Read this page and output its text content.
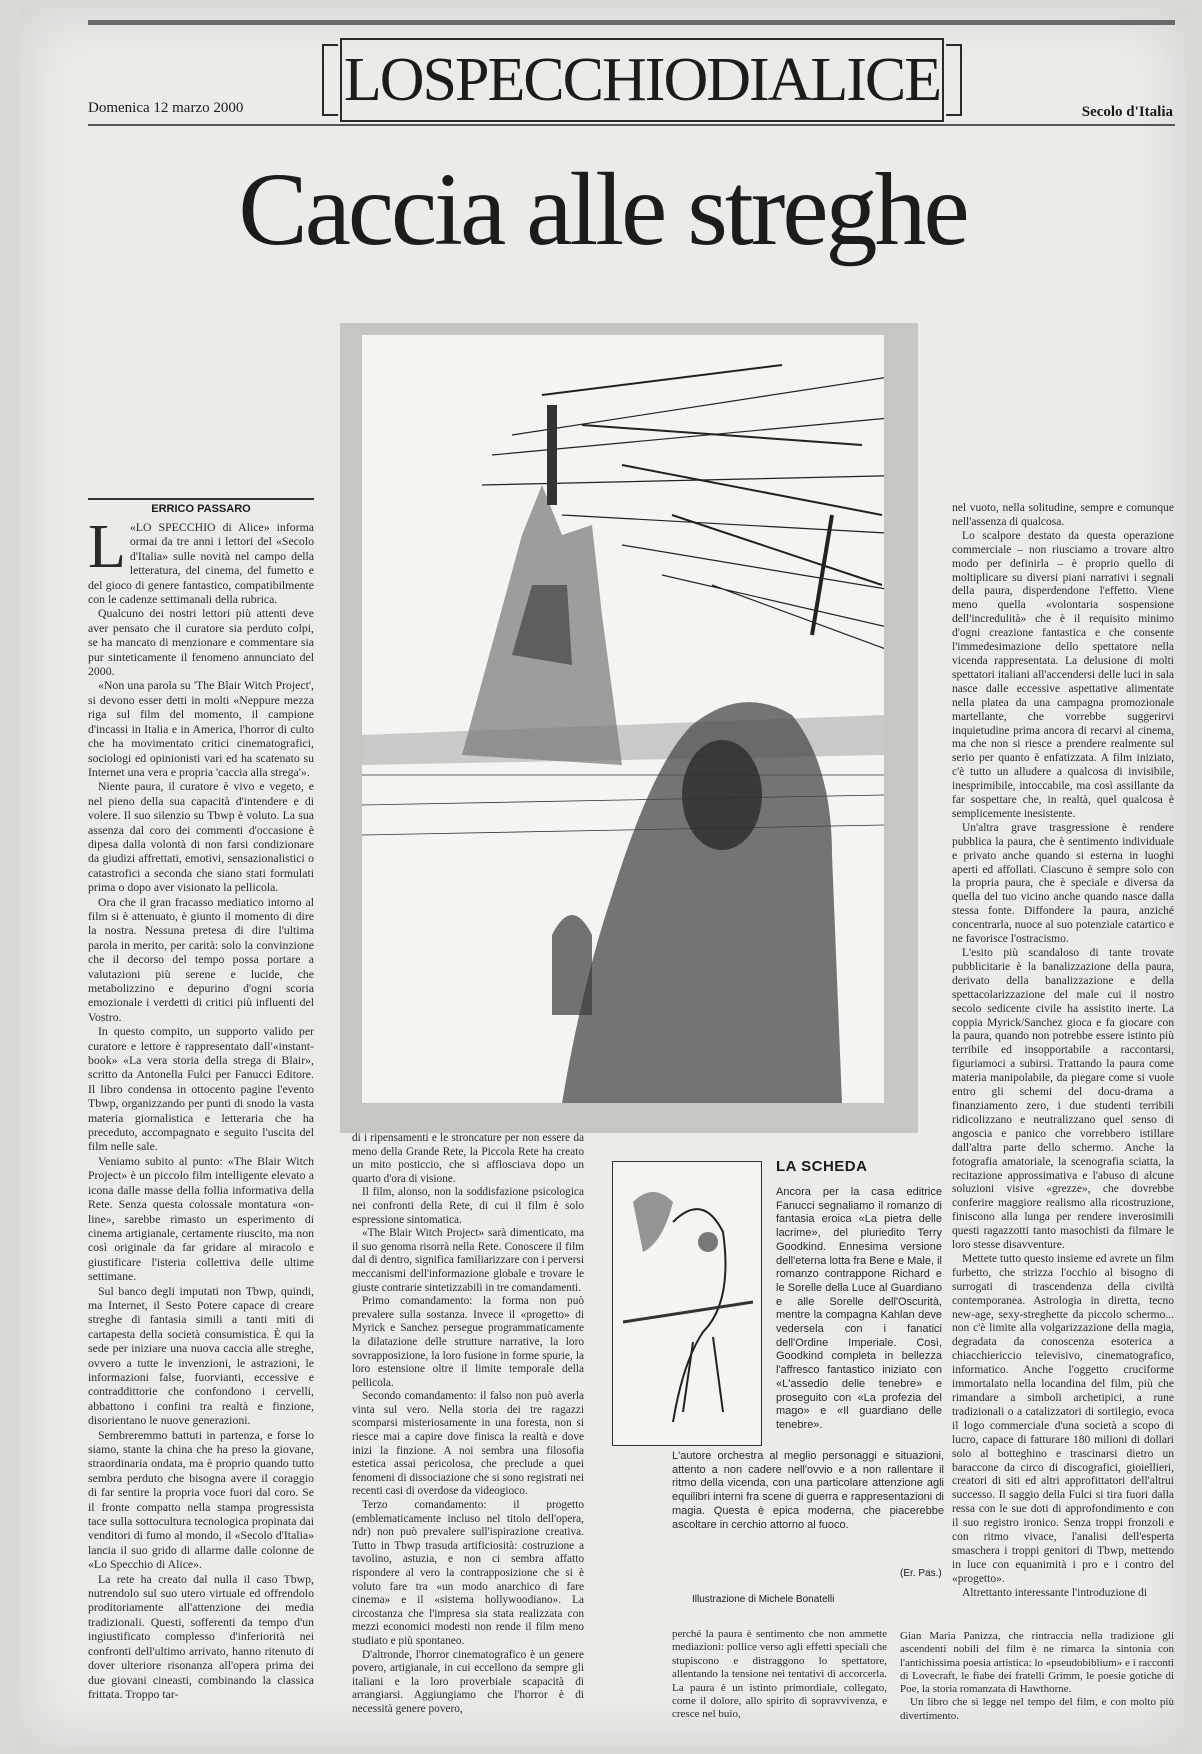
Domenica 12 marzo 2000 LOSPECCHIODIALICE	Secolo d'Italia
Caccia alle streghe
ERRICO PASSARO
L «LO SPECCHIO di Alice» informa ormai da tre anni i lettori del «Secolo d'Italia» sulle novità nel campo della letteratura, del cinema, del fumetto e del gioco di genere fantastico, compatibilmente con le cadenze settimanali della rubrica.

Qualcuno dei nostri lettori più attenti deve aver pensato che il curatore sia perduto colpi, se ha mancato di menzionare e commentare sia pur sinteticamente il fenomeno annunciato del 2000.

«Non una parola su 'The Blair Witch Project', si devono esser detti in molti «Neppure mezza riga sul film del momento, il campione d'incassi in Italia e in America, l'horror di culto che ha movimentato critici cinematografici, sociologi ed opinionisti vari ed ha scatenato su Internet una vera e propria 'caccia alla strega'».

Niente paura, il curatore è vivo e vegeto, e nel pieno della sua capacità d'intendere e di volere. Il suo silenzio su Tbwp è voluto. La sua assenza dal coro dei commenti d'occasione è dipesa dalla volontà di non farsi condizionare da giudizi affrettati, emotivi, sensazionalistici o catastrofici a seconda che siano stati formulati prima o dopo aver visionato la pellicola.

Ora che il gran fracasso mediatico intorno al film si è attenuato, è giunto il momento di dire la nostra. Nessuna pretesa di dire l'ultima parola in merito, per carità: solo la convinzione che il decorso del tempo possa portare a valutazioni più serene e lucide, che metabolizzino e depurino d'ogni scoria emozionale i verdetti di critici più influenti del Vostro.

In questo compito, un supporto valido per curatore e lettore è rappresentato dall'«instant-book» «La vera storia della strega di Blair», scritto da Antonella Fulci per Fanucci Editore. Il libro condensa in ottocento pagine l'evento Tbwp, organizzando per punti di snodo la vasta materia giornalistica e letteraria che ha preceduto, accompagnato e seguito l'uscita del film nelle sale.

Veniamo subito al punto: «The Blair Witch Project» è un piccolo film intelligente elevato a icona dalle masse della follia informativa della Rete. Senza questa colossale montatura «on-line», sarebbe rimasto un esperimento di cinema artigianale, certamente riuscito, ma non così originale da far gridare al miracolo e giustificare l'isteria collettiva delle ultime settimane.

Sul banco degli imputati non Tbwp, quindi, ma Internet, il Sesto Potere capace di creare streghe di fantasia simili a tanti miti di cartapesta della società consumistica. È qui la sede per iniziare una nuova caccia alle streghe, ovvero a tutte le invenzioni, le astrazioni, le informazioni false, fuorvianti, eccessive e contraddittorie che confondono i cervelli, abbattono i confini tra realtà e finzione, disorientano le nuove generazioni.

Sembreremmo battuti in partenza, e forse lo siamo, stante la china che ha preso la giovane, straordinaria ondata, ma è proprio quando tutto sembra perduto che bisogna avere il coraggio di far sentire la propria voce fuori dal coro. Se il fronte compatto nella stampa progressista tace sulla sottocultura tecnologica propinata dai venditori di fumo al mondo, il «Secolo d'Italia» lancia il suo grido di allarme dalle colonne de «Lo Specchio di Alice».

La rete ha creato dal nulla il caso Tbwp, nutrendolo sul suo utero virtuale ed offrendolo proditoriamente all'attenzione dei media tradizionali. Questi, sofferenti da tempo d'un ingiustificato complesso d'inferiorità nei confronti dell'ultimo arrivato, hanno ritenuto di dover ulteriore risonanza all'opera prima dei due giovani cineasti, combinando la classica frittata. Troppo tar-

di i ripensamenti e le stroncature per non essere da meno della Grande Rete, la Piccola Rete ha creato un mito posticcio, che si afflosciava dopo un quarto d'ora di visione.

Il film, alonso, non la soddisfazione psicologica nei confronti della Rete, di cui il film è solo espressione sintomatica.

«The Blair Witch Project» sarà dimenticato, ma il suo genoma risorrà nella Rete. Conoscere il film dal di dentro, significa familiarizzare con i perversi meccanismi dell'informazione globale e trovare le giuste contrarie sintetizzabili in tre comandamenti.

Primo comandamento: la forma non può prevalere sulla sostanza. Invece il «progetto» di Myrick e Sanchez persegue programmaticamente la dilatazione delle strutture narrative, la loro sovrapposizione, la loro fusione in forme spurie, la loro estensione oltre il limite temporale della pellicola.

Secondo comandamento: il falso non può averla vinta sul vero. Nella storia dei tre ragazzi scomparsi misteriosamente in una foresta, non si riesce mai a capire dove finisca la realtà e dove inizi la finzione. A noi sembra una filosofia estetica assai pericolosa, che preclude a quei fenomeni di dissociazione che si sono registrati nei recenti casi di overdose da videogioco.

Terzo comandamento: il progetto (emblematicamente incluso nel titolo dell'opera, ndr) non può prevalere sull'ispirazione creativa. Tutto in Tbwp trasuda artificiosità: costruzione a tavolino, astuzia, e non ci sembra affatto rispondere al vero la contrapposizione che si è voluto fare tra «un modo anarchico di fare cinema» e il «sistema hollywoodiano». La circostanza che l'impresa sia stata realizzata con mezzi economici modesti non rende il film meno studiato e più spontaneo.

D'altronde, l'horror cinematografico è un genere povero, artigianale, in cui eccellono da sempre gli italiani e la loro proverbiale scapacità di arrangiarsi. Aggiungiamo che l'horror è di necessità genere povero,

perché la paura è sentimento che non ammette mediazioni: pollice verso agli effetti speciali che stupiscono e distraggono lo spettatore, allentando la tensione nei tentativi di accorcerla. La paura è un istinto primordiale, collegato, come il dolore, allo spirito di sopravvivenza, e cresce nel buio,

LA SCHEDA

Ancora per la casa editrice Fanucci segnaliamo il romanzo di fantasia eroica «La pietra delle lacrime», del pluriedito Terry Goodkind. Ennesima versione dell'eterna lotta fra Bene e Male, il romanzo contrappone Richard e le Sorelle della Luce al Guardiano e alle Sorelle dell'Oscurità, mentre la compagna Kahlan deve vedersela con i fanatici dell'Ordine Imperiale. Così, Goodkind completa in bellezza l'affresco fantastico iniziato con «L'assedio delle tenebre» e proseguito con «La profezia del mago» e «Il guardiano delle tenebre».

L'autore orchestra al meglio personaggi e situazioni, attento a non cadere nell'ovvio e a non rallentare il ritmo della vicenda, con una particolare attenzione agli equilibri interni fra scene di guerra e rappresentazioni di magia. Questa è epica moderna, che piacerebbe ascoltare in cerchio attorno al fuoco.

(Er. Pas.)
Illustrazione di Michele Bonatelli

nel vuoto, nella solitudine, sempre e comunque nell'assenza di qualcosa.

Lo scalpore destato da questa operazione commerciale – non riusciamo a trovare altro modo per definirla – è proprio quello di moltiplicare su diversi piani narrativi i segnali della paura, disperdendone l'effetto. Viene meno quella «volontaria sospensione dell'incredulità» che è il requisito minimo d'ogni creazione fantastica e che consente l'immedesimazione dello spettatore nella vicenda rappresentata. La delusione di molti spettatori italiani all'accendersi delle luci in sala nasce dalle eccessive aspettative alimentate nella platea da una campagna promozionale martellante, che vorrebbe suggerirvi inquietudine prima ancora di recarvi al cinema, ma che non si riesce a prendere realmente sul serio per quanto è enfatizzata. A film iniziato, c'è tutto un alludere a qualcosa di invisibile, inesprimibile, intoccabile, ma così assillante da far sospettare che, in realtà, quel qualcosa è semplicemente inesistente.

Un'altra grave trasgressione è rendere pubblica la paura, che è sentimento individuale e privato anche quando si esterna in luoghi aperti ed affollati. Ciascuno è sempre solo con la propria paura, che è speciale e diversa da quella del tuo vicino anche quando nasce dalla stessa fonte. Diffondere la paura, anziché concentrarla, nuoce al suo potenziale catartico e ne favorisce l'ostracismo.

L'esito più scandaloso di tante trovate pubblicitarie è la banalizzazione della paura, derivato della banalizzazione e della spettacolarizzazione del male cui il nostro secolo sedicente civile ha assistito inerte. La coppia Myrick/Sanchez gioca e fa giocare con la paura, quando non potrebbe essere istinto più terribile ed insopportabile a raccontarsi, figuriamoci a subirsi. Trattando la paura come materia manipolabile, da piegare come si vuole entro gli schemi del docu-drama a finanziamento zero, i due studenti terribili ridicolizzano e neutralizzano quel senso di angoscia e panico che vorrebbero istillare dall'altra parte dello schermo. Anche la fotografia amatoriale, la scenografia sciatta, la recitazione approssimativa e l'abuso di alcune soluzioni visive «grezze», che dovrebbe conferire maggiore realismo alla ricostruzione, finiscono alla lunga per rendere inverosimili questi ragazzotti tanto masochisti da filmare le loro stesse disavventure.

Mettete tutto questo insieme ed avrete un film furbetto, che strizza l'occhio al bisogno di surrogati di trascendenza della civiltà contemporanea. Astrologia in diretta, tecno new-age, sexy-streghette da piccolo schermo... non c'è limite alla volgarizzazione della magia, degradata da conoscenza esoterica a chiacchiericcio televisivo, cinematografico, informatico. Anche l'oggetto cruciforme immortalato nella locandina del film, più che rimandare a simboli archetipici, a rune tradizionali o a catalizzatori di sortilegio, evoca il logo commerciale d'una società a scopo di lucro, capace di fatturare 180 milioni di dollari solo al botteghino e trascinarsi dietro un baraccone da circo di discografici, gioiellieri, creatori di siti ed altri approfittatori dell'altrui successo. Il saggio della Fulci si tira fuori dalla ressa con le sue doti di approfondimento e con il suo registro ironico. Senza troppi fronzoli e con ritmo vivace, l'analisi dell'esperta smaschera i troppi genitori di Tbwp, mettendo in luce con equanimità i pro e i contro del «progetto».

Altrettanto interessante l'introduzione di

Gian Maria Panizza, che rintraccia nella tradizione gli ascendenti nobili del film è ne rimarca la sintonia con l'antichissima poesia artistica: lo «pseudobiblium» e i racconti di Lovecraft, le fiabe dei fratelli Grimm, le poesie gotiche di Poe, la storia romanzata di Hawthorne.

Un libro che si legge nel tempo del film, e con molto più divertimento.
